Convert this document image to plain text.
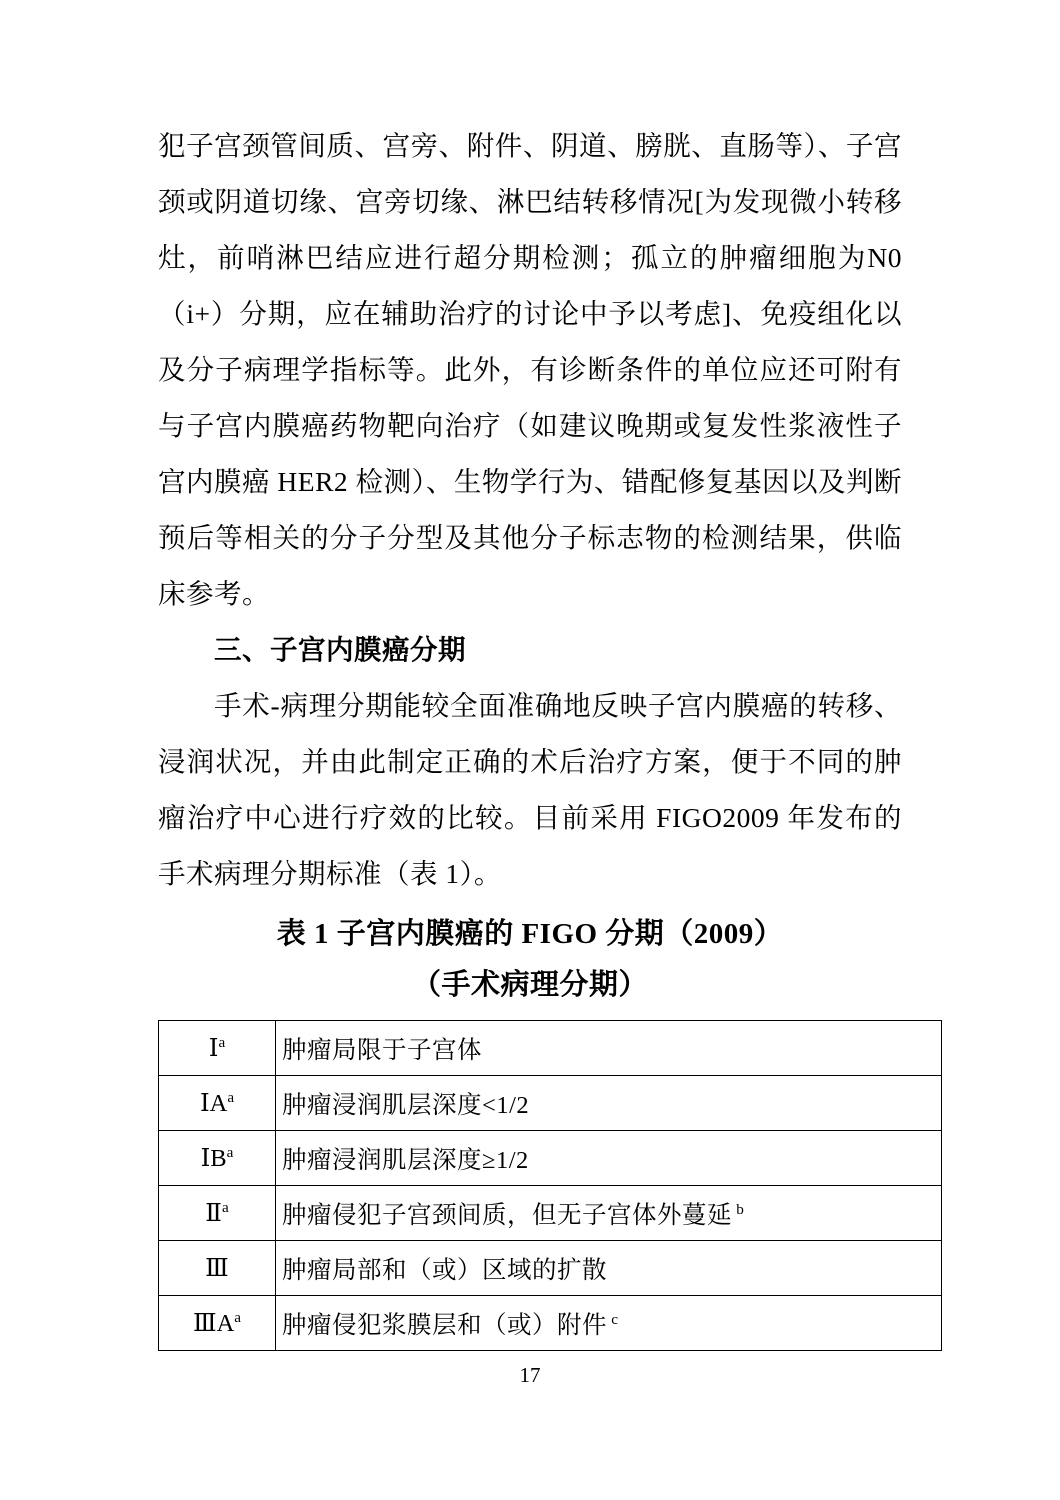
犯子宫颈管间质、宫旁、附件、阴道、膀胱、直肠等）、子宫颈或阴道切缘、宫旁切缘、淋巴结转移情况[为发现微小转移灶，前哨淋巴结应进行超分期检测；孤立的肿瘤细胞为N0（i+）分期，应在辅助治疗的讨论中予以考虑]、免疫组化以及分子病理学指标等。此外，有诊断条件的单位应还可附有与子宫内膜癌药物靶向治疗（如建议晚期或复发性浆液性子宫内膜癌 HER2 检测）、生物学行为、错配修复基因以及判断预后等相关的分子分型及其他分子标志物的检测结果，供临床参考。

三、子宫内膜癌分期

手术-病理分期能较全面准确地反映子宫内膜癌的转移、浸润状况，并由此制定正确的术后治疗方案，便于不同的肿瘤治疗中心进行疗效的比较。目前采用 FIGO2009 年发布的手术病理分期标准（表 1）。

表 1 子宫内膜癌的 FIGO 分期（2009）
（手术病理分期）
Ⅰ$^a$	肿瘤局限于子宫体
$ⅠA^a$	肿瘤浸润肌层深度<1/2
$ⅠB^a$	肿瘤浸润肌层深度≥1/2
Ⅱ$^a$	肿瘤侵犯子宫颈间质，但无子宫体外蔓延 $^b$
Ⅲ	肿瘤局部和（或）区域的扩散
$ⅢA^a$	肿瘤侵犯浆膜层和（或）附件 $^c$
17
